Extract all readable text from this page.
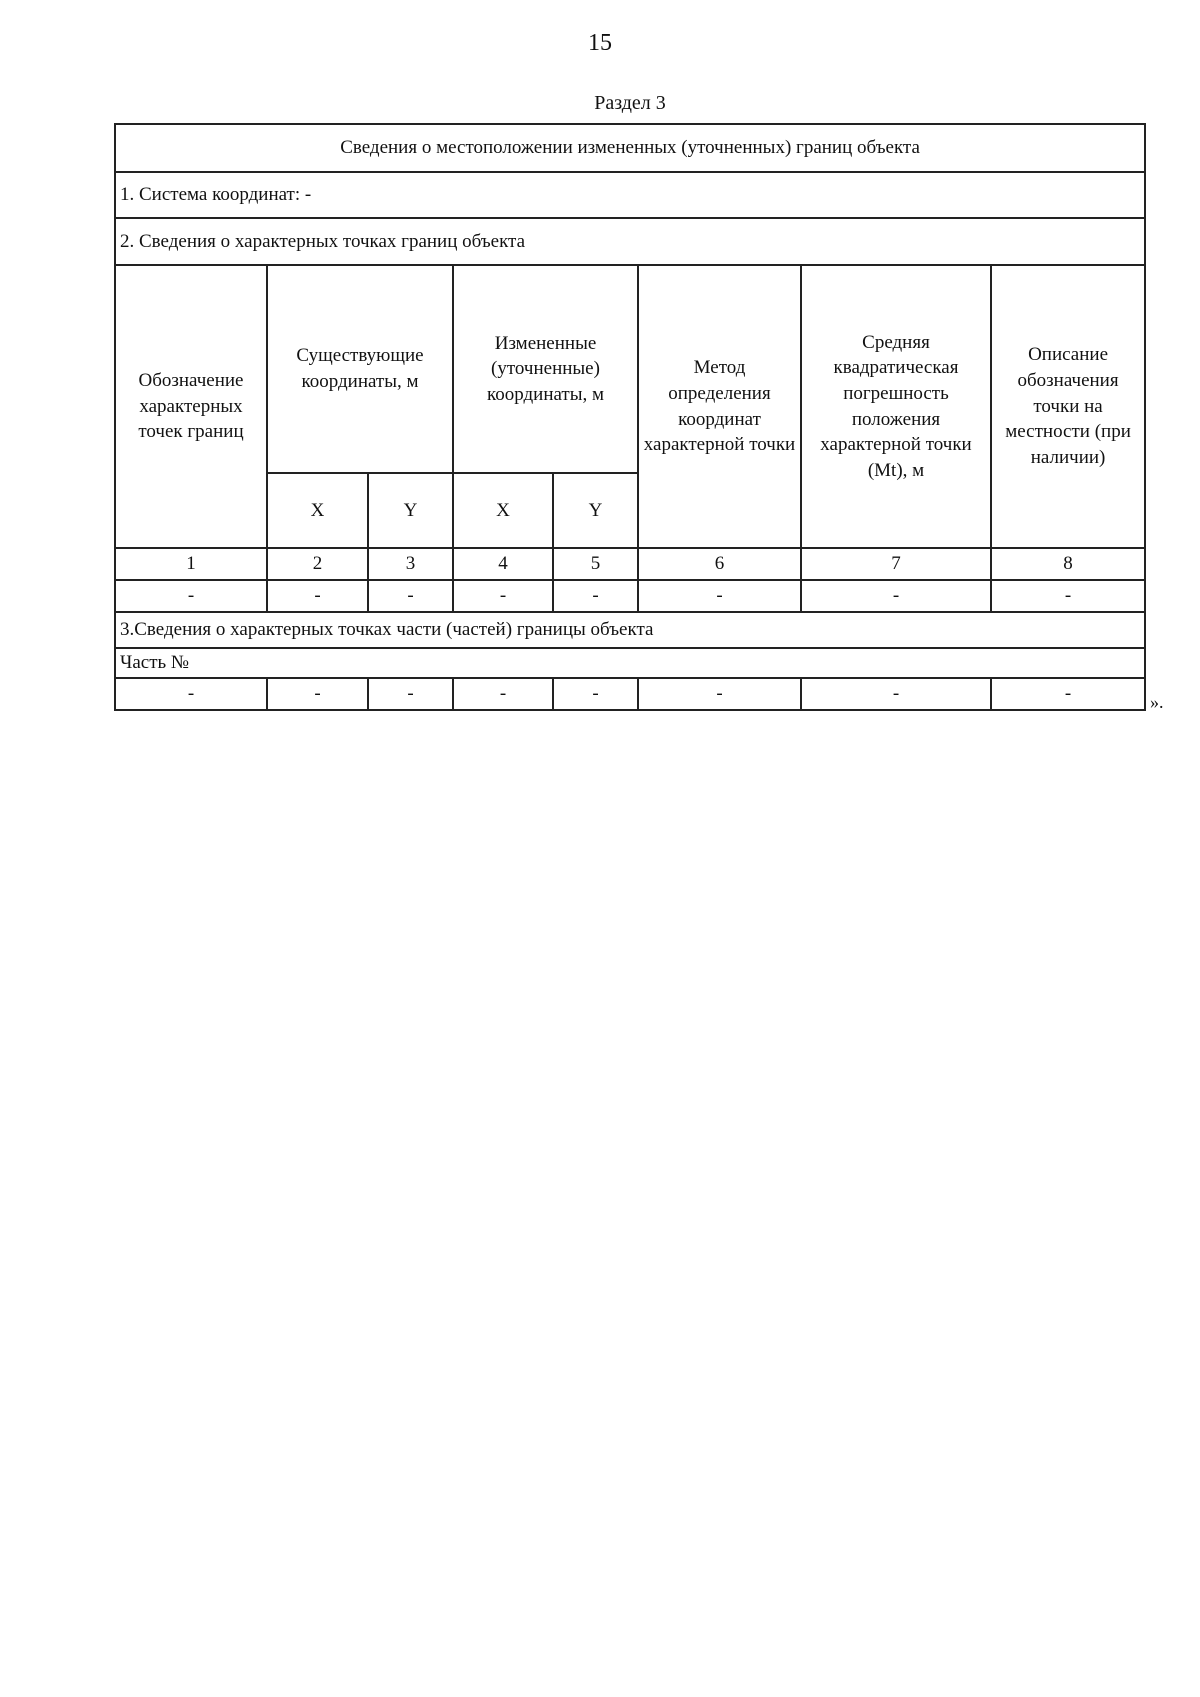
15
Раздел 3
Сведения о местоположении измененных (уточненных) границ объекта							
1. Система координат: -							
2. Сведения о характерных точках границ объекта							
Обозначение характерных точек границ	Существующие координаты, м		Измененные (уточненные) координаты, м		Метод определения координат характерной точки	Средняя квадратическая погрешность положения характерной точки (Mt), м	Описание обозначения точки на местности (при наличии)
	X	Y	X	Y			
1	2	3	4	5	6	7	8
-	-	-	-	-	-	-	-
3.Сведения о характерных точках части (частей) границы объекта							
Часть №							
-	-	-	-	-	-	-	-	».
